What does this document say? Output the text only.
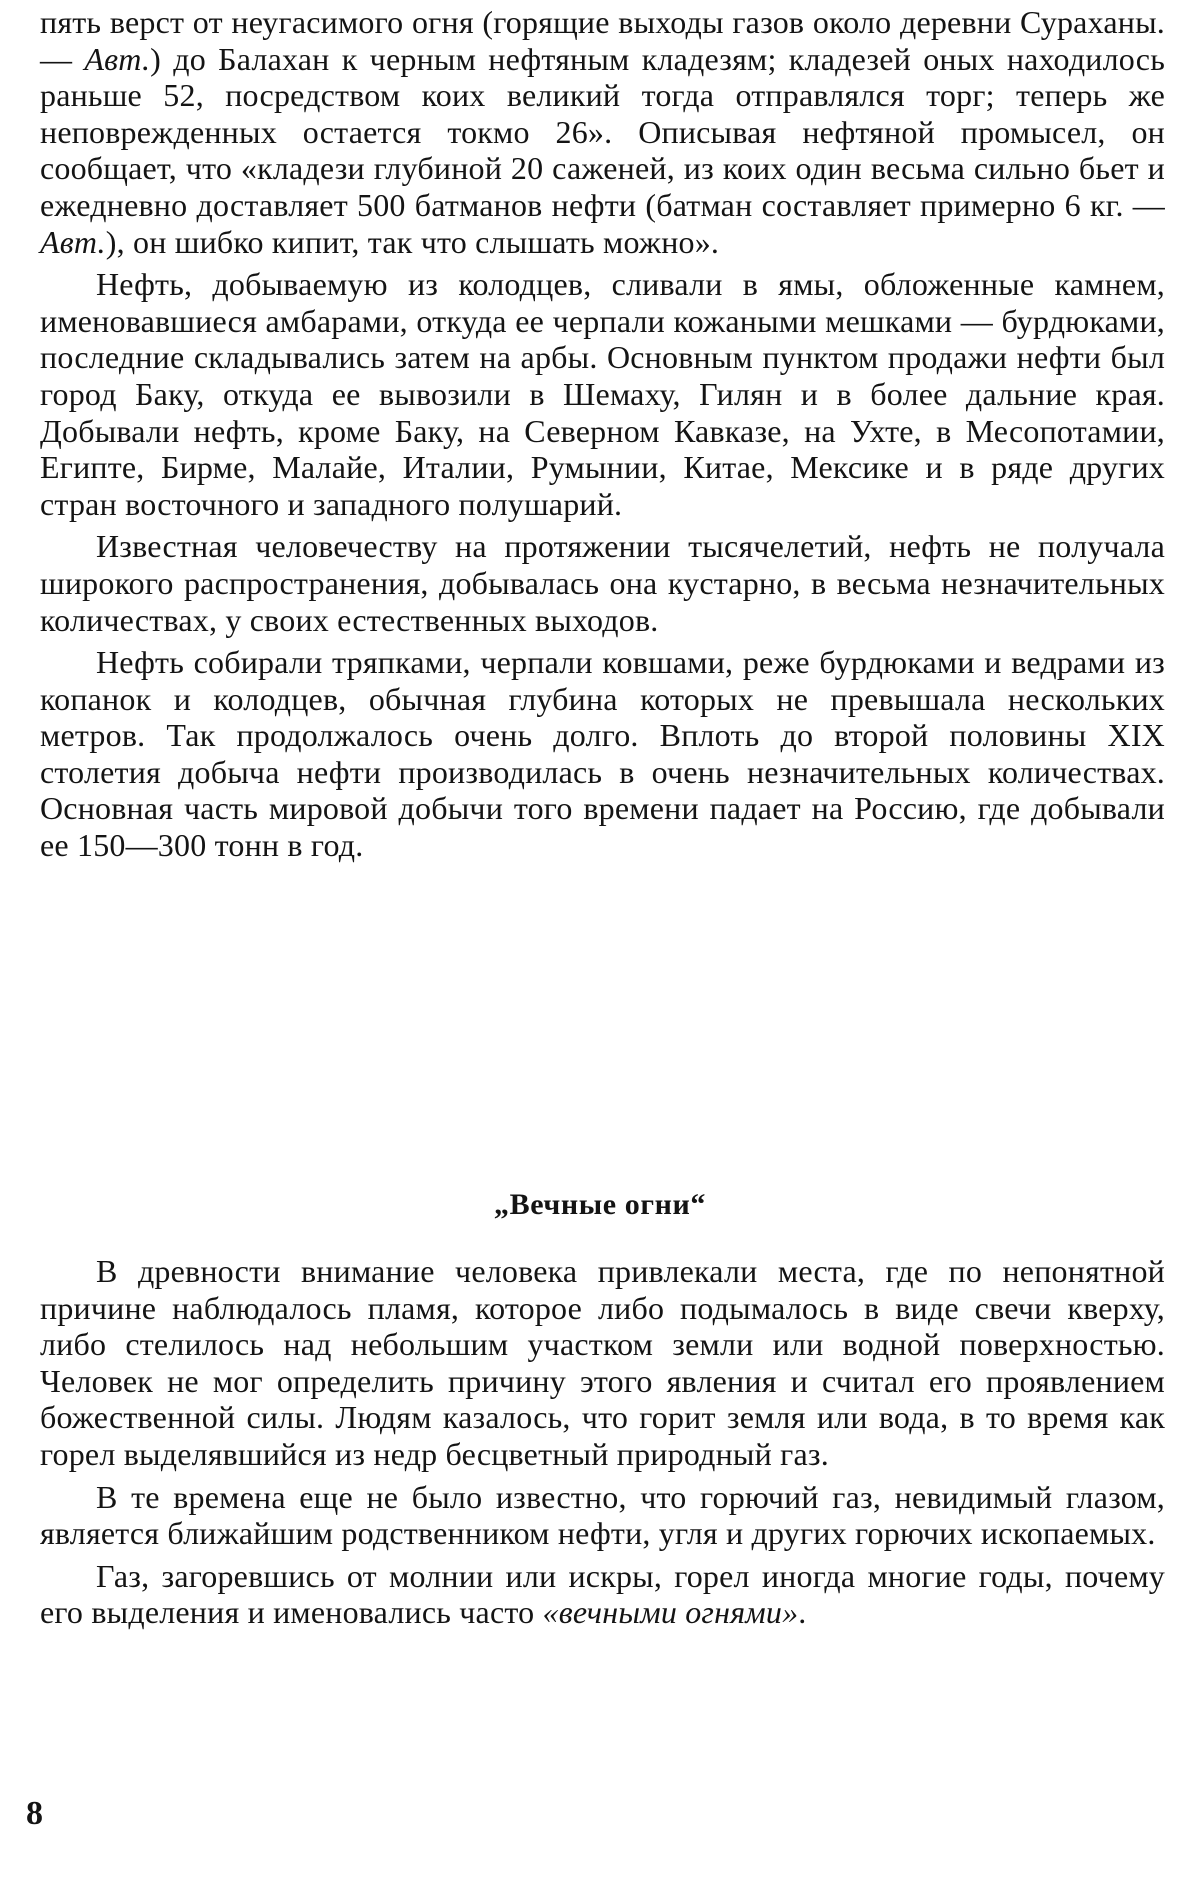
пять верст от неугасимого огня (горящие выходы газов около деревни Сураханы.— Авт.) до Балахан к черным нефтяным кладезям; кладезей оных находилось раньше 52, посредством коих великий тогда отправлялся торг; теперь же неповрежденных остается токмо 26». Описывая нефтяной промысел, он сообщает, что «кладези глубиной 20 саженей, из коих один весьма сильно бьет и ежедневно доставляет 500 батманов нефти (батман составляет примерно 6 кг. — Авт.), он шибко кипит, так что слышать можно».

Нефть, добываемую из колодцев, сливали в ямы, обложенные камнем, именовавшиеся амбарами, откуда ее черпали кожаными мешками — бурдюками, последние складывались затем на арбы. Основным пунктом продажи нефти был город Баку, откуда ее вывозили в Шемаху, Гилян и в более дальние края. Добывали нефть, кроме Баку, на Северном Кавказе, на Ухте, в Месопотамии, Египте, Бирме, Малайе, Италии, Румынии, Китае, Мексике и в ряде других стран восточного и западного полушарий.

Известная человечеству на протяжении тысячелетий, нефть не получала широкого распространения, добывалась она кустарно, в весьма незначительных количествах, у своих естественных выходов.

Нефть собирали тряпками, черпали ковшами, реже бурдюками и ведрами из копанок и колодцев, обычная глубина которых не превышала нескольких метров. Так продолжалось очень долго. Вплоть до второй половины XIX столетия добыча нефти производилась в очень незначительных количествах. Основная часть мировой добычи того времени падает на Россию, где добывали ее 150—300 тонн в год.

„Вечные огни“

В древности внимание человека привлекали места, где по непонятной причине наблюдалось пламя, которое либо подымалось в виде свечи кверху, либо стелилось над небольшим участком земли или водной поверхностью. Человек не мог определить причину этого явления и считал его проявлением божественной силы. Людям казалось, что горит земля или вода, в то время как горел выделявшийся из недр бесцветный природный газ.

В те времена еще не было известно, что горючий газ, невидимый глазом, является ближайшим родственником нефти, угля и других горючих ископаемых.

Газ, загоревшись от молнии или искры, горел иногда многие годы, почему его выделения и именовались часто «вечными огнями».

8
